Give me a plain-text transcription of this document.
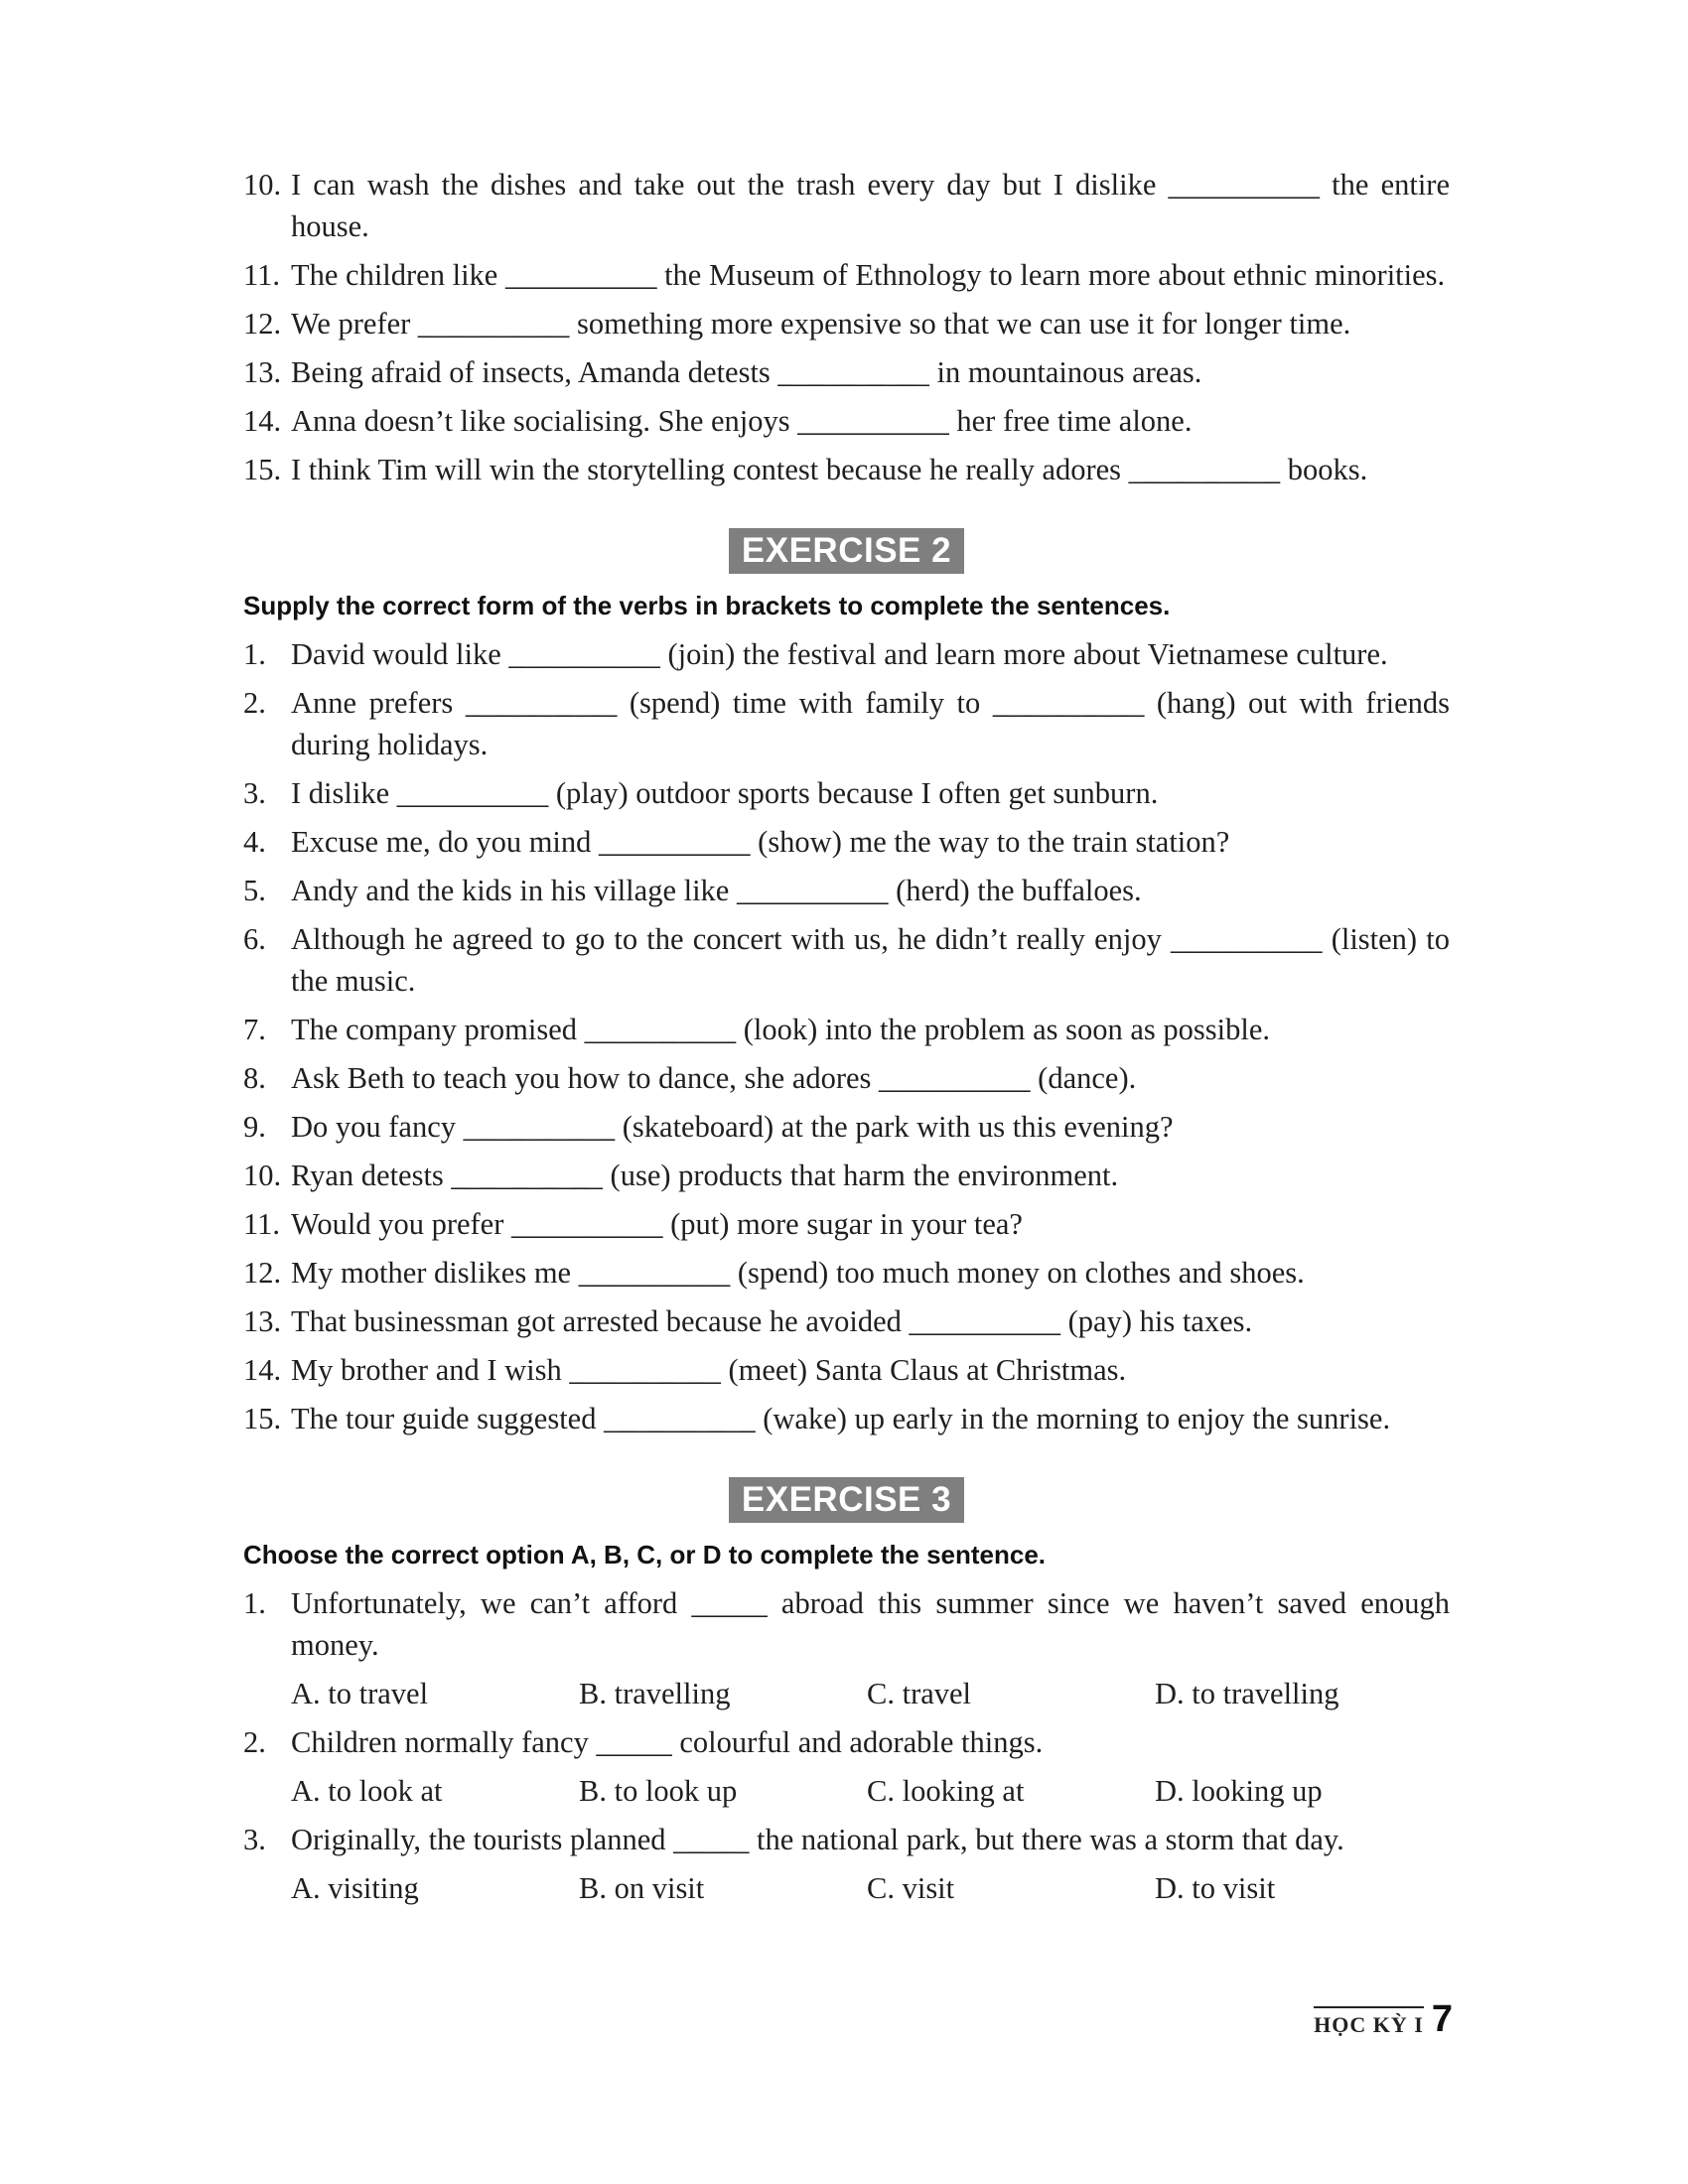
10. I can wash the dishes and take out the trash every day but I dislike __________ the entire house.
11. The children like __________ the Museum of Ethnology to learn more about ethnic minorities.
12. We prefer __________ something more expensive so that we can use it for longer time.
13. Being afraid of insects, Amanda detests __________ in mountainous areas.
14. Anna doesn’t like socialising. She enjoys __________ her free time alone.
15. I think Tim will win the storytelling contest because he really adores __________ books.
EXERCISE 2
Supply the correct form of the verbs in brackets to complete the sentences.
1. David would like __________ (join) the festival and learn more about Vietnamese culture.
2. Anne prefers __________ (spend) time with family to __________ (hang) out with friends during holidays.
3. I dislike __________ (play) outdoor sports because I often get sunburn.
4. Excuse me, do you mind __________ (show) me the way to the train station?
5. Andy and the kids in his village like __________ (herd) the buffaloes.
6. Although he agreed to go to the concert with us, he didn’t really enjoy __________ (listen) to the music.
7. The company promised __________ (look) into the problem as soon as possible.
8. Ask Beth to teach you how to dance, she adores __________ (dance).
9. Do you fancy __________ (skateboard) at the park with us this evening?
10. Ryan detests __________ (use) products that harm the environment.
11. Would you prefer __________ (put) more sugar in your tea?
12. My mother dislikes me __________ (spend) too much money on clothes and shoes.
13. That businessman got arrested because he avoided __________ (pay) his taxes.
14. My brother and I wish __________ (meet) Santa Claus at Christmas.
15. The tour guide suggested __________ (wake) up early in the morning to enjoy the sunrise.
EXERCISE 3
Choose the correct option A, B, C, or D to complete the sentence.
1. Unfortunately, we can’t afford _____ abroad this summer since we haven’t saved enough money.
A. to travel	B. travelling	C. travel	D. to travelling
2. Children normally fancy _____ colourful and adorable things.
A. to look at	B. to look up	C. looking at	D. looking up
3. Originally, the tourists planned _____ the national park, but there was a storm that day.
A. visiting	B. on visit	C. visit	D. to visit
HỌC KỲ I 7
